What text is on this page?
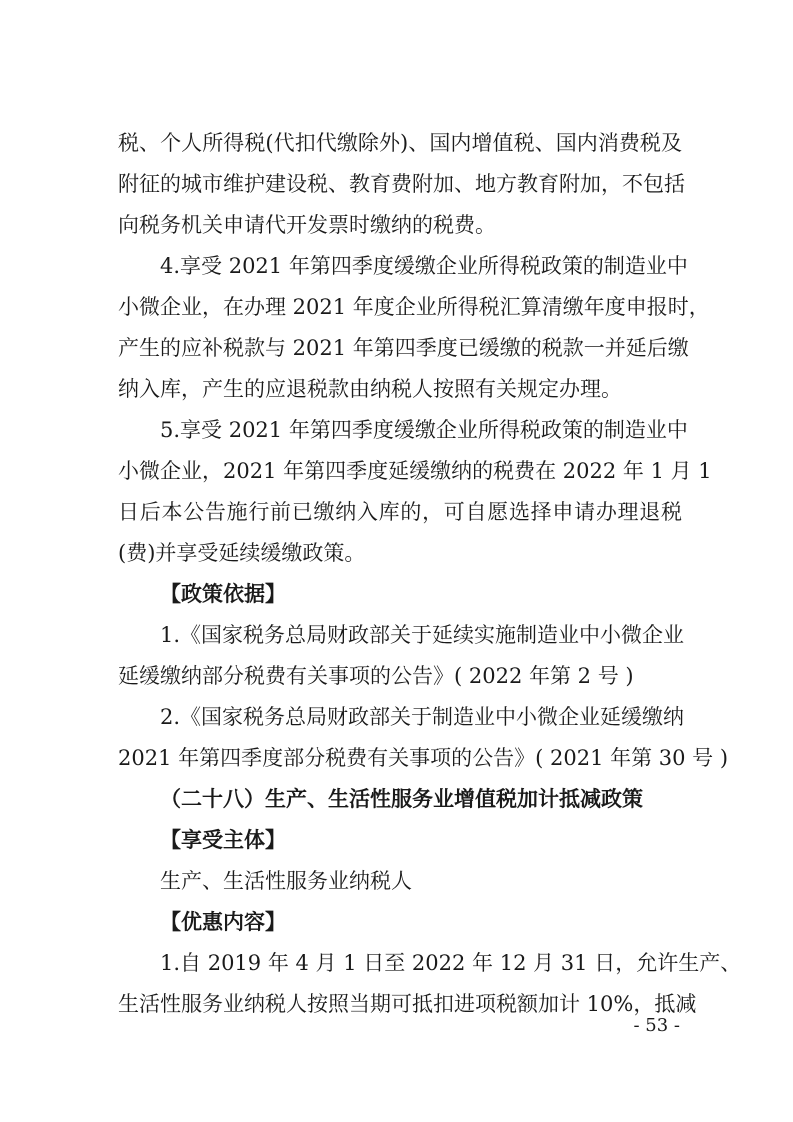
税、个人所得税(代扣代缴除外)、国内增值税、国内消费税及
附征的城市维护建设税、教育费附加、地方教育附加，不包括
向税务机关申请代开发票时缴纳的税费。
4.享受 2021 年第四季度缓缴企业所得税政策的制造业中
小微企业，在办理 2021 年度企业所得税汇算清缴年度申报时，
产生的应补税款与 2021 年第四季度已缓缴的税款一并延后缴
纳入库，产生的应退税款由纳税人按照有关规定办理。
5.享受 2021 年第四季度缓缴企业所得税政策的制造业中
小微企业，2021 年第四季度延缓缴纳的税费在 2022 年 1 月 1
日后本公告施行前已缴纳入库的，可自愿选择申请办理退税
(费)并享受延续缓缴政策。
【政策依据】
1.《国家税务总局财政部关于延续实施制造业中小微企业
延缓缴纳部分税费有关事项的公告》( 2022 年第 2 号 )
2.《国家税务总局财政部关于制造业中小微企业延缓缴纳
2021 年第四季度部分税费有关事项的公告》( 2021 年第 30 号 )
（二十八）生产、生活性服务业增值税加计抵减政策
【享受主体】
生产、生活性服务业纳税人
【优惠内容】
1.自 2019 年 4 月 1 日至 2022 年 12 月 31 日，允许生产、
生活性服务业纳税人按照当期可抵扣进项税额加计 10%，抵减
- 53 -
